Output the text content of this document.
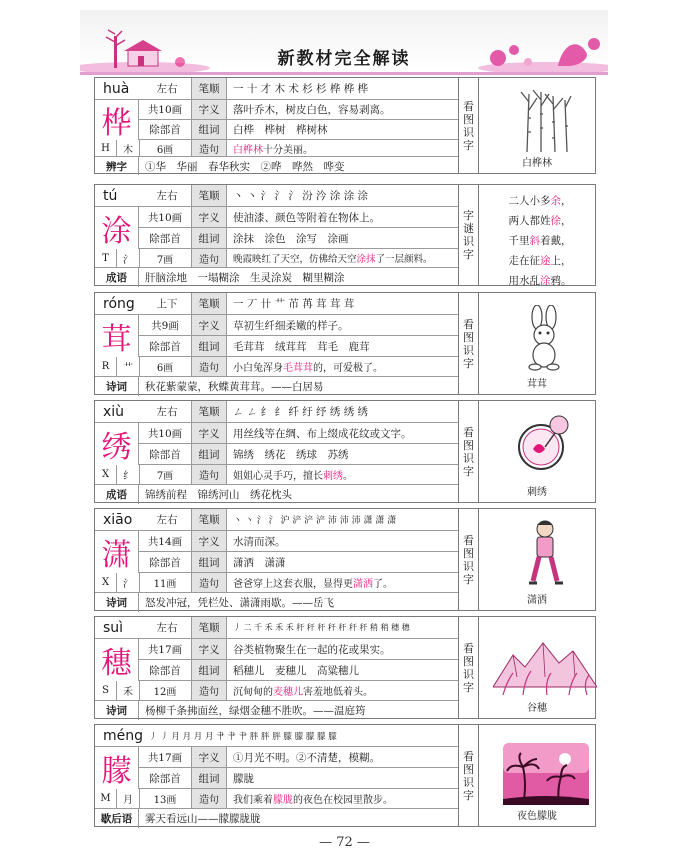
新教材完全解读
huà	左右	笔顺	一 十 才 木 术 杉 杉 桦 桦 桦
桦	共10画	字义	落叶乔木，树皮白色，容易剥离。
除部首	组词	白桦　桦树　桦树林
H	木	6画	造句	白桦林 十分美丽。
辨字	①华　华丽　春华秋实　②哗　哗然　哗变
看
图
识
字
白桦林
tú	左右	笔顺	丶 丶 氵 氵 氵 汾 汵 涂 涂 涂
涂	共10画	字义	使油漆、颜色等附着在物体上。
除部首	组词	涂抹　涂色　涂写　涂画
T	氵	7画	造句	晚霞映红了天空，仿佛给天空 涂抹 了一层颜料。
成语	肝脑涂地　一塌糊涂　生灵涂炭　糊里糊涂
字
谜
识
字
二人小多余，
两人都姓徐，
千里斜着戴，
走在征途上，
用水乱涂鸦。
róng	上下	笔顺	一 丆 卄 艹 芇 苒 茸 茸 茸
茸	共9画	字义	草初生纤细柔嫩的样子。
除部首	组词	毛茸茸　绒茸茸　茸毛　鹿茸
R	艹	6画	造句	小白兔浑身 毛茸茸 的，可爱极了。
诗词	秋花紫蒙蒙，秋蝶黄茸茸。——白居易
看
图
识
字
茸茸
xiù	左右	笔顺	ㄥ ㄥ 纟 纟 纤 纡 纾 绣 绣 绣
绣	共10画	字义	用丝线等在绸、布上缀成花纹或文字。
除部首	组词	锦绣　绣花　绣球　苏绣
X	纟	7画	造句	姐姐心灵手巧，擅长 刺绣 。
成语	锦绣前程　锦绣河山　绣花枕头
看
图
识
字
刺绣
xiāo	左右	笔顺	丶 丶 氵 氵 沪 浐 浐 浐 沛 沛 沛 潇 潇 潇
潇	共14画	字义	水清而深。
除部首	组词	潇洒　潇潇
X	氵	11画	造句	爸爸穿上这套衣服，显得更 潇洒 了。
诗词	怒发冲冠，凭栏处、潇潇雨歇。——岳飞
看
图
识
字
潇洒
suì	左右	笔顺	丿 二 千 禾 禾 禾 秆 秆 秆 秆 秆 秆 秆 稍 稍 穗 穗
穗	共17画	字义	谷类植物聚生在一起的花或果实。
除部首	组词	稻穗儿　麦穗儿　高粱穗儿
S	禾	12画	造句	沉甸甸的 麦穗儿 害羞地低着头。
诗词	杨柳千条拂面丝，绿烟金穗不胜吹。——温庭筠
看
图
识
字
谷穗
méng 丿 丿 月 月 月 月 肀 肀 肀 胖 胖 胖 朦 朦 朦 朦 朦
朦	共17画	字义	①月光不明。②不清楚，模糊。
除部首	组词	朦胧
M	月	13画	造句	我们乘着 朦胧 的夜色在校园里散步。
歇后语	雾天看远山——朦朦胧胧
看
图
识
字
夜色朦胧
— 72 —
